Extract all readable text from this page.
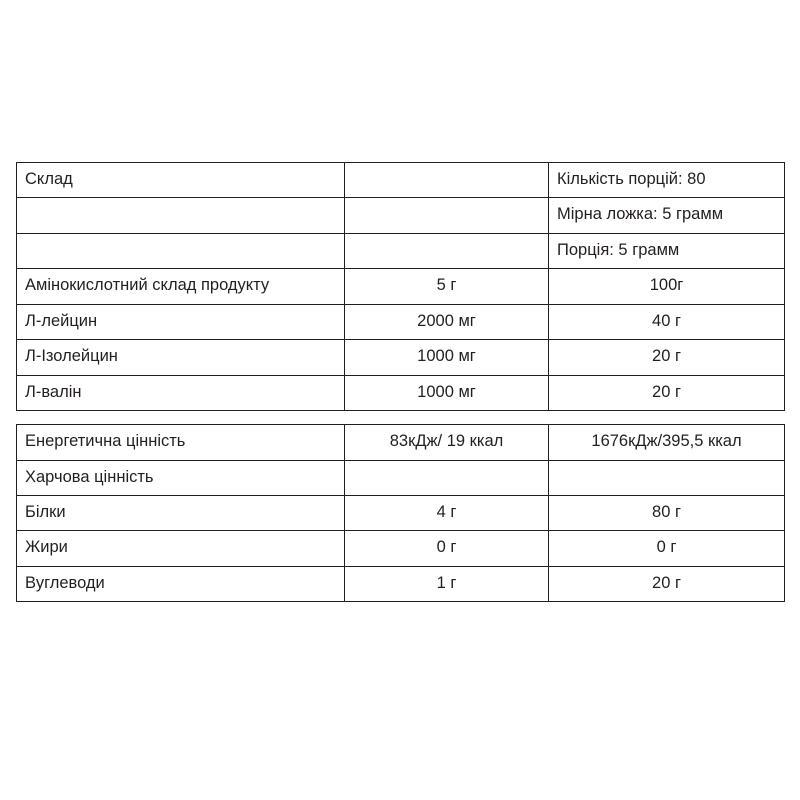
Склад		Кількість порцій: 80
		Мірна ложка: 5 грамм
		Порція: 5 грамм
Амінокислотний склад продукту	5 г	100г
Л-лейцин	2000 мг	40 г
Л-Ізолейцин	1000 мг	20 г
Л-валін	1000 мг	20 г

Енергетична цінність	83кДж/ 19 ккал	1676кДж/395,5 ккал
Харчова цінність		
Білки	4 г	80 г
Жири	0 г	0 г
Вуглеводи	1 г	20 г
